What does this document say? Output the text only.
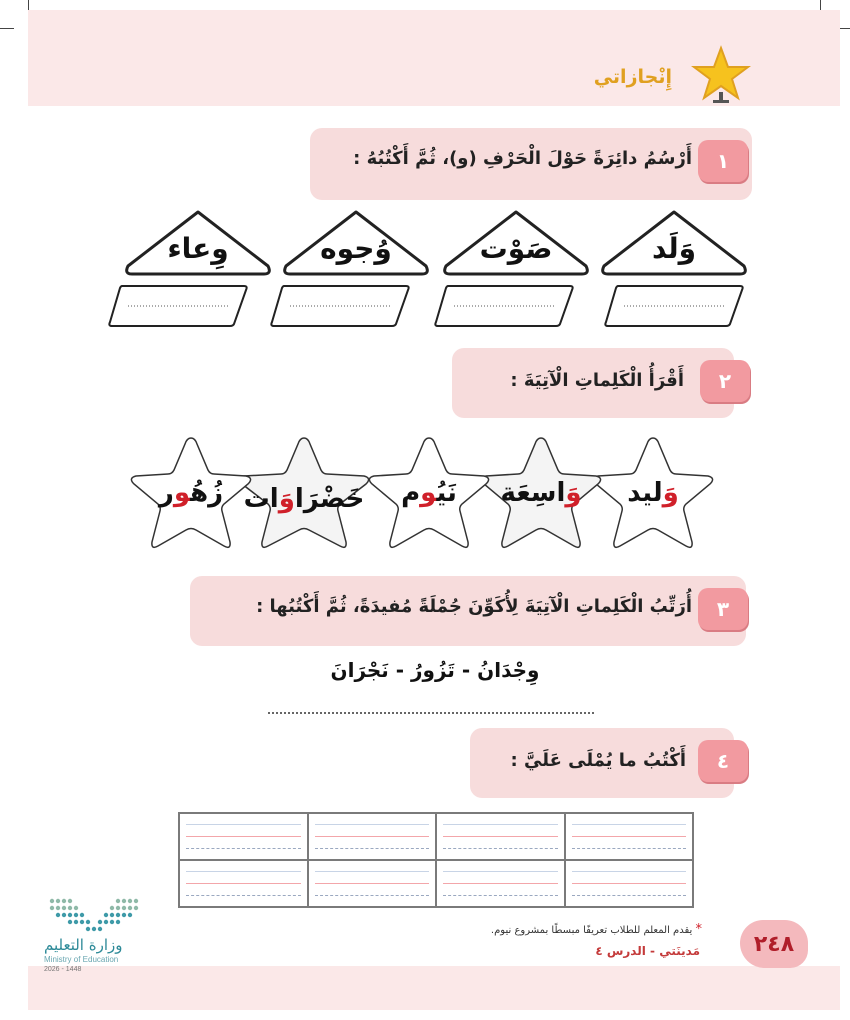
إِنْجازاتي
١
أَرْسُمُ دائِرَةً حَوْلَ الْحَرْفِ (و)، ثُمَّ أَكْتُبُهُ :
وَلَد
صَوْت
وُجوه
وِعاء
٢
أَقْرَأُ الْكَلِماتِ الْآتِيَةَ :
وَليد
وَاسِعَة
نَيُوم
خَضْرَاوَات
زُهُور
٣
أُرَتِّبُ الْكَلِماتِ الْآتِيَةَ لِأُكَوِّنَ جُمْلَةً مُفيدَةً، ثُمَّ أَكْتُبُها :
وِجْدَانُ - تَزُورُ - نَجْرَانَ
٤
أَكْتُبُ ما يُمْلَى عَلَيَّ :
* يقدم المعلم للطلاب تعريفًا مبسطًا بمشروع نيوم.
مَدينَتي - الدرس ٤	٢٤٨
وزارة التعليم
Ministry of Education
2026 - 1448
